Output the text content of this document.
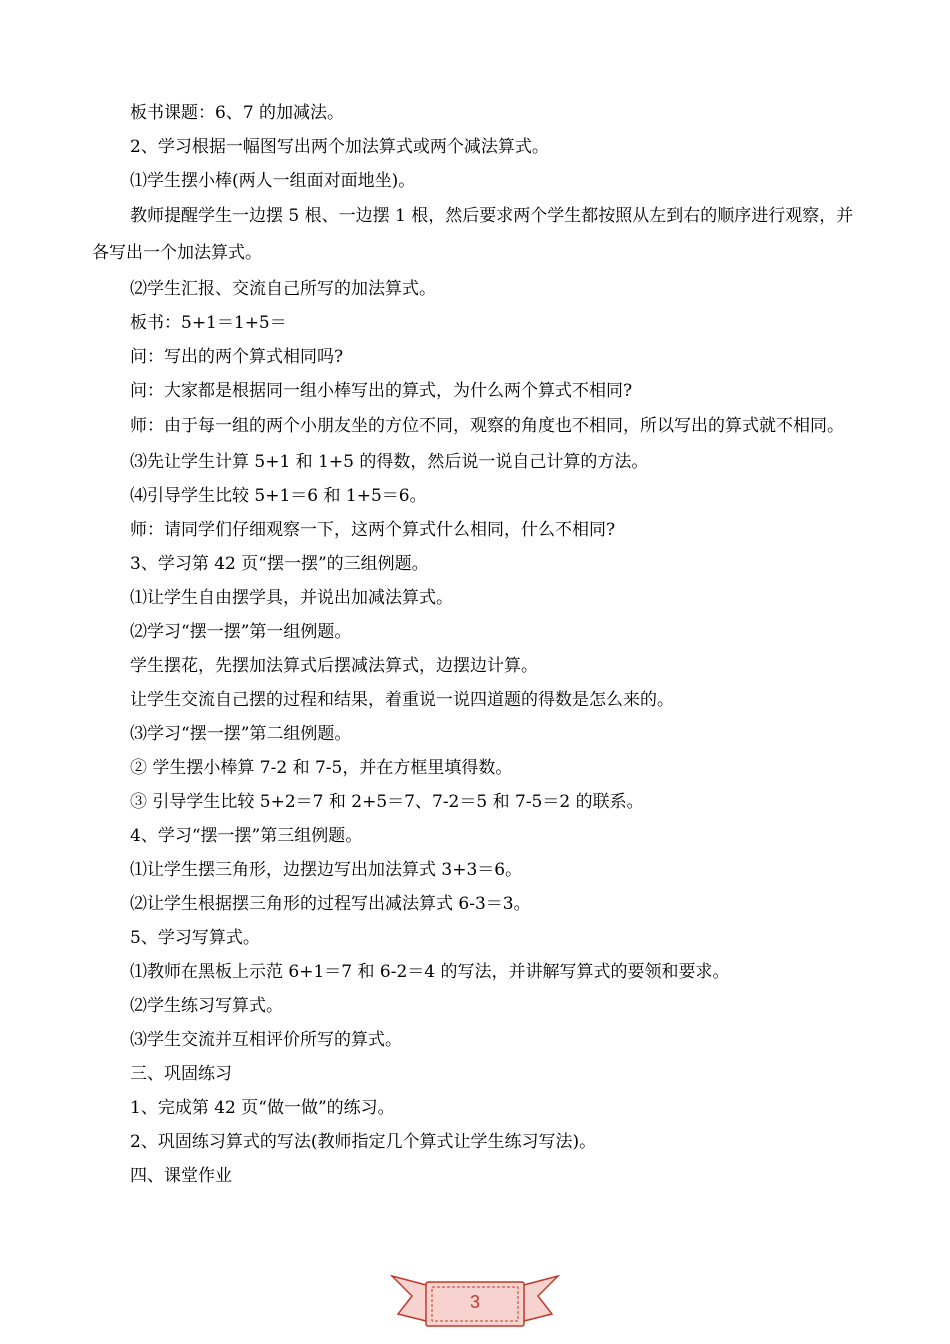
板书课题：6、7 的加减法。
2、学习根据一幅图写出两个加法算式或两个减法算式。
⑴学生摆小棒(两人一组面对面地坐)。
教师提醒学生一边摆 5 根、一边摆 1 根，然后要求两个学生都按照从左到右的顺序进行观察，并各写出一个加法算式。
⑵学生汇报、交流自己所写的加法算式。
板书：5+1＝1+5＝
问：写出的两个算式相同吗?
问：大家都是根据同一组小棒写出的算式，为什么两个算式不相同?
师：由于每一组的两个小朋友坐的方位不同，观察的角度也不相同，所以写出的算式就不相同。
⑶先让学生计算 5+1 和 1+5 的得数，然后说一说自己计算的方法。
⑷引导学生比较 5+1＝6 和 1+5＝6。
师：请同学们仔细观察一下，这两个算式什么相同，什么不相同?
3、学习第 42 页“摆一摆”的三组例题。
⑴让学生自由摆学具，并说出加减法算式。
⑵学习“摆一摆”第一组例题。
学生摆花，先摆加法算式后摆减法算式，边摆边计算。
让学生交流自己摆的过程和结果，着重说一说四道题的得数是怎么来的。
⑶学习“摆一摆”第二组例题。
② 学生摆小棒算 7-2 和 7-5，并在方框里填得数。
③ 引导学生比较 5+2＝7 和 2+5＝7、7-2＝5 和 7-5＝2 的联系。
4、学习“摆一摆”第三组例题。
⑴让学生摆三角形，边摆边写出加法算式 3+3＝6。
⑵让学生根据摆三角形的过程写出减法算式 6-3＝3。
5、学习写算式。
⑴教师在黑板上示范 6+1＝7 和 6-2＝4 的写法，并讲解写算式的要领和要求。
⑵学生练习写算式。
⑶学生交流并互相评价所写的算式。
三、巩固练习
1、完成第 42 页“做一做”的练习。
2、巩固练习算式的写法(教师指定几个算式让学生练习写法)。
四、课堂作业
3
